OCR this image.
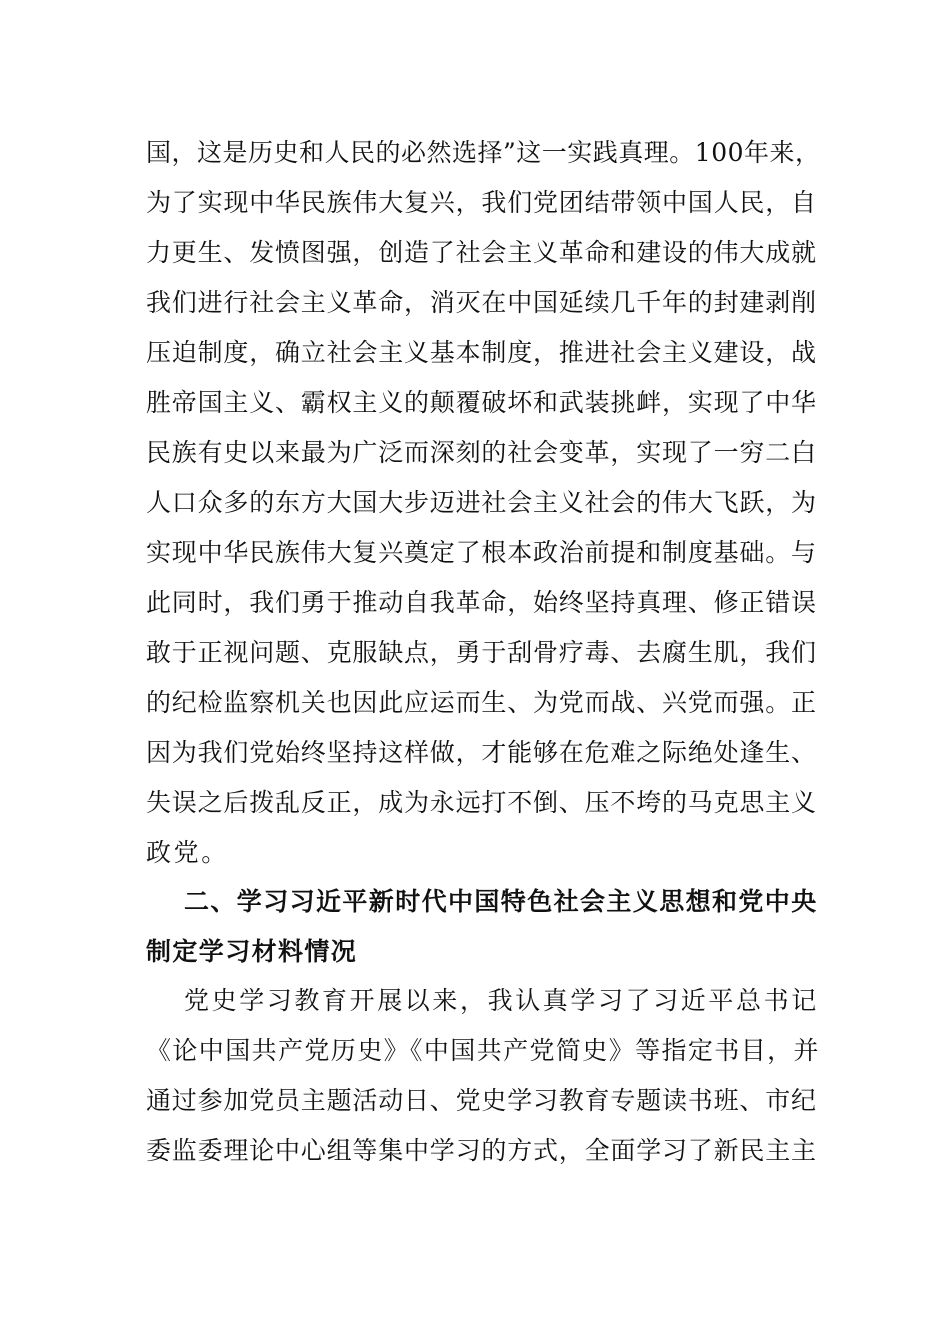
国，这是历史和人民的必然选择”这一实践真理。100年来，
为了实现中华民族伟大复兴，我们党团结带领中国人民，自
力更生、发愤图强，创造了社会主义革命和建设的伟大成就
我们进行社会主义革命，消灭在中国延续几千年的封建剥削
压迫制度，确立社会主义基本制度，推进社会主义建设，战
胜帝国主义、霸权主义的颠覆破坏和武装挑衅，实现了中华
民族有史以来最为广泛而深刻的社会变革，实现了一穷二白
人口众多的东方大国大步迈进社会主义社会的伟大飞跃，为
实现中华民族伟大复兴奠定了根本政治前提和制度基础。与
此同时，我们勇于推动自我革命，始终坚持真理、修正错误
敢于正视问题、克服缺点，勇于刮骨疗毒、去腐生肌，我们
的纪检监察机关也因此应运而生、为党而战、兴党而强。正
因为我们党始终坚持这样做，才能够在危难之际绝处逢生、
失误之后拨乱反正，成为永远打不倒、压不垮的马克思主义
政党。
二、学习习近平新时代中国特色社会主义思想和党中央
制定学习材料情况
党史学习教育开展以来，我认真学习了习近平总书记
《论中国共产党历史》《中国共产党简史》等指定书目，并
通过参加党员主题活动日、党史学习教育专题读书班、市纪
委监委理论中心组等集中学习的方式，全面学习了新民主主
